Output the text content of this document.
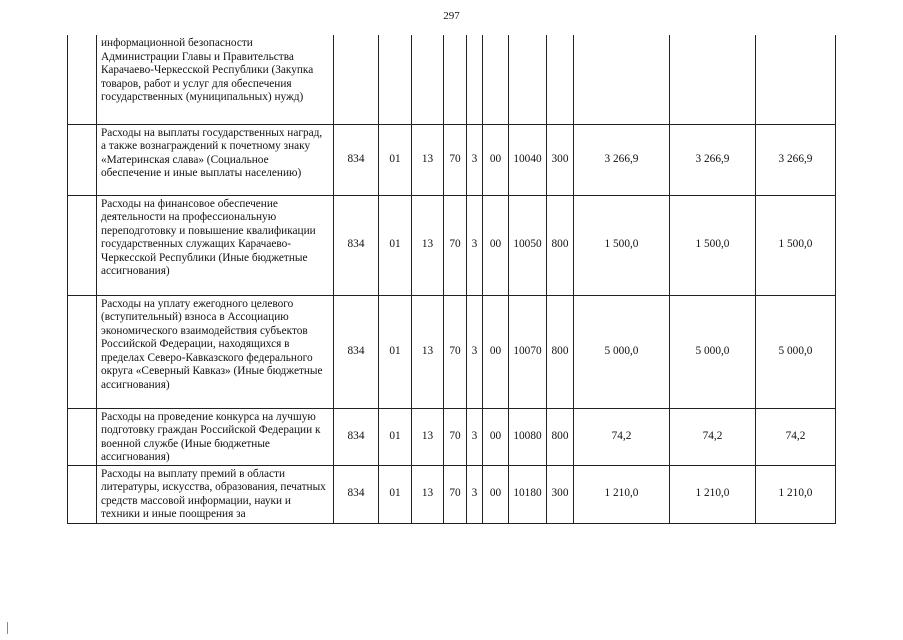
297
	информационной безопасности Администрации Главы и Правительства Карачаево-Черкесской Республики (Закупка товаров, работ и услуг для обеспечения государственных (муниципальных) нужд)											
	Расходы на выплаты государственных наград, а также вознаграждений к почетному знаку «Материнская слава» (Социальное обеспечение и иные выплаты населению)	834	01	13	70	3	00	10040	300	3 266,9	3 266,9	3 266,9
	Расходы на финансовое обеспечение деятельности на профессиональную переподготовку и повышение квалификации государственных служащих Карачаево-Черкесской Республики (Иные бюджетные ассигнования)	834	01	13	70	3	00	10050	800	1 500,0	1 500,0	1 500,0
	Расходы на уплату ежегодного целевого (вступительный) взноса в Ассоциацию экономического взаимодействия субъектов Российской Федерации, находящихся в пределах Северо-Кавказского федерального округа «Северный Кавказ» (Иные бюджетные ассигнования)	834	01	13	70	3	00	10070	800	5 000,0	5 000,0	5 000,0
	Расходы на проведение конкурса на лучшую подготовку граждан Российской Федерации к военной службе (Иные бюджетные ассигнования)	834	01	13	70	3	00	10080	800	74,2	74,2	74,2
	Расходы на выплату премий в области литературы, искусства, образования, печатных средств массовой информации, науки и техники и иные поощрения за	834	01	13	70	3	00	10180	300	1 210,0	1 210,0	1 210,0
